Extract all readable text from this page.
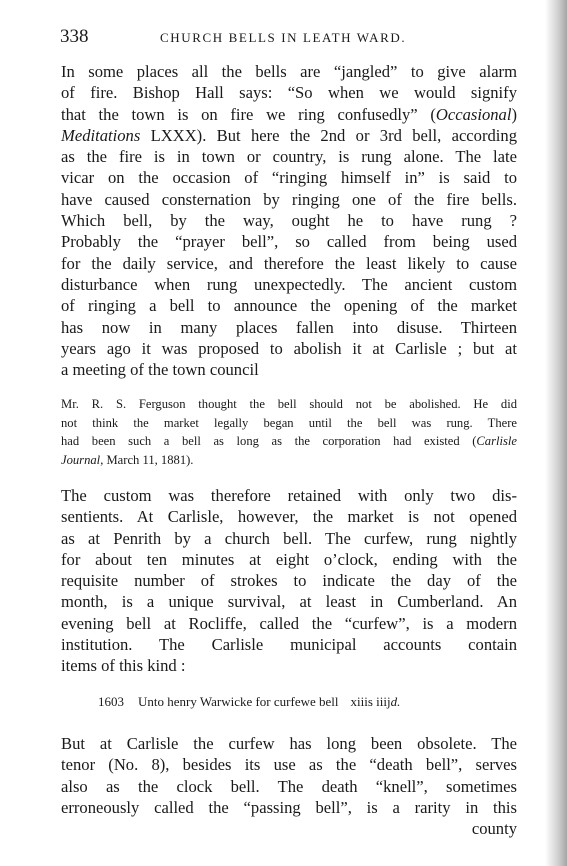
338	CHURCH BELLS IN LEATH WARD.
In some places all the bells are “jangled” to give alarm
of fire. Bishop Hall says: “So when we would signify
that the town is on fire we ring confusedly” (Occasional)
Meditations LXXX). But here the 2nd or 3rd bell, according
as the fire is in town or country, is rung alone. The late
vicar on the occasion of “ringing himself in” is said to
have caused consternation by ringing one of the fire bells.
Which bell, by the way, ought he to have rung ?
Probably the “prayer bell”, so called from being used
for the daily service, and therefore the least likely to cause
disturbance when rung unexpectedly. The ancient custom
of ringing a bell to announce the opening of the market
has now in many places fallen into disuse. Thirteen
years ago it was proposed to abolish it at Carlisle ; but at
a meeting of the town council
Mr. R. S. Ferguson thought the bell should not be abolished. He did
not think the market legally began until the bell was rung. There
had been such a bell as long as the corporation had existed (Carlisle
Journal, March 11, 1881).
The custom was therefore retained with only two dis-
sentients. At Carlisle, however, the market is not opened
as at Penrith by a church bell. The curfew, rung nightly
for about ten minutes at eight o’clock, ending with the
requisite number of strokes to indicate the day of the
month, is a unique survival, at least in Cumberland. An
evening bell at Rocliffe, called the “curfew”, is a modern
institution. The Carlisle municipal accounts contain
items of this kind :
1603 Unto henry Warwicke for curfewe bell xiiis iiijd.
But at Carlisle the curfew has long been obsolete. The
tenor (No. 8), besides its use as the “death bell”, serves
also as the clock bell. The death “knell”, sometimes
erroneously called the “passing bell”, is a rarity in this
county
